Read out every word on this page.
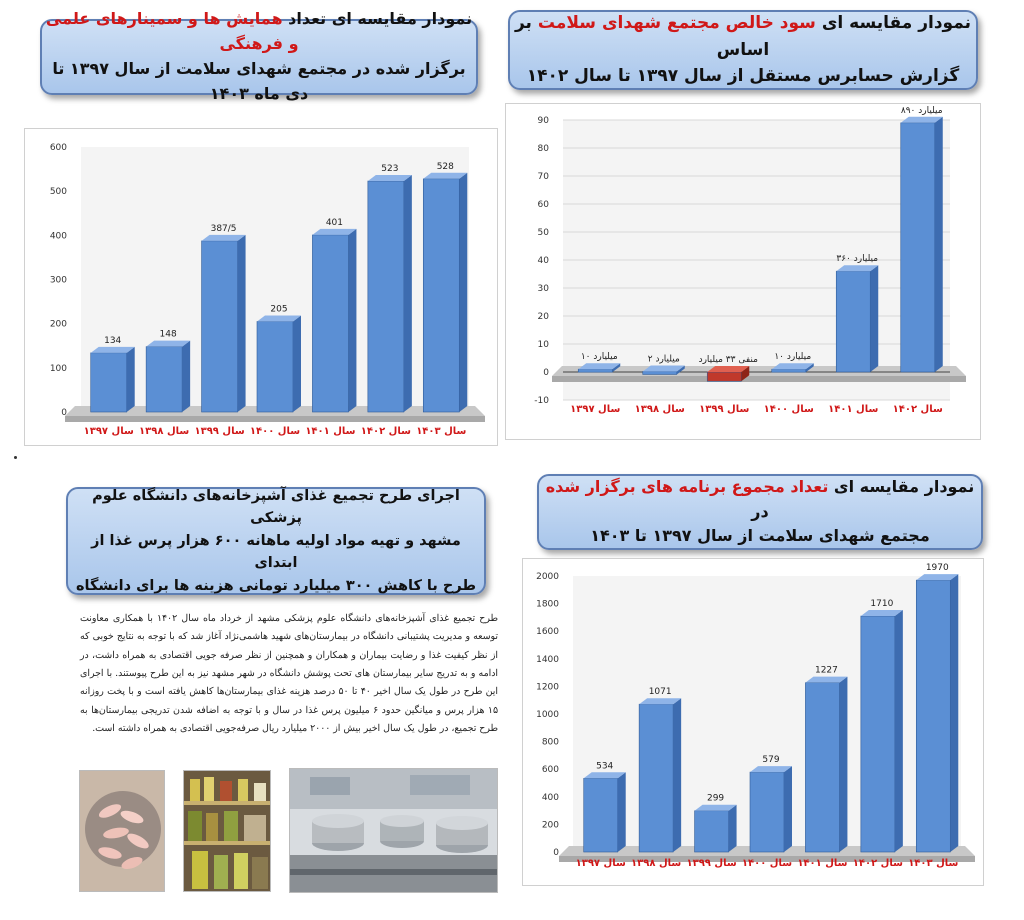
نمودار مقایسه ای تعداد همایش ها و سمینارهای علمی و فرهنگی
برگزار شده در مجتمع شهدای سلامت از سال ۱۳۹۷ تا دی ماه ۱۴۰۳
نمودار مقایسه ای سود خالص مجتمع شهدای سلامت بر اساس
گزارش حسابرس مستقل از سال ۱۳۹۷ تا سال ۱۴۰۲
0
100
200
300
400
500
600
134
سال ۱۳۹۷
148
سال ۱۳۹۸
387/5
سال ۱۳۹۹
205
سال ۱۴۰۰
401
سال ۱۴۰۱
523
سال ۱۴۰۲
528
سال ۱۴۰۳
-10
0
10
20
30
40
50
60
70
80
90
۱۰ میلیارد
سال ۱۳۹۷
۲ میلیارد
سال ۱۳۹۸
منفی ۳۳ میلیارد
سال ۱۳۹۹
۱۰ میلیارد
سال ۱۴۰۰
۳۶۰ میلیارد
سال ۱۴۰۱
۸۹۰ میلیارد
سال ۱۴۰۲
نمودار مقایسه ای تعداد مجموع برنامه های برگزار شده در
مجتمع شهدای سلامت از سال ۱۳۹۷ تا ۱۴۰۳
0
200
400
600
800
1000
1200
1400
1600
1800
2000
534
سال ۱۳۹۷
1071
سال ۱۳۹۸
299
سال ۱۳۹۹
579
سال ۱۴۰۰
1227
سال ۱۴۰۱
1710
سال ۱۴۰۲
1970
سال ۱۴۰۳
اجرای طرح تجمیع غذای آشپزخانه‌های دانشگاه علوم پزشکی
مشهد و تهیه مواد اولیه ماهانه ۶۰۰ هزار پرس غذا از ابتدای
طرح با کاهش ۳۰۰ میلیارد تومانی هزینه ها برای دانشگاه
طرح تجمیع غذای آشپزخانه‌های دانشگاه علوم پزشکی مشهد از خرداد ماه سال ۱۴۰۲ با همکاری معاونت توسعه و مدیریت پشتیبانی دانشگاه در بیمارستان‌های شهید هاشمی‌نژاد آغاز شد که با توجه به نتایج خوبی که از نظر کیفیت غذا و رضایت بیماران و همکاران و همچنین از نظر صرفه جویی اقتصادی به همراه داشت، در ادامه و به تدریج سایر بیمارستان های تحت پوشش دانشگاه در شهر مشهد نیز به این طرح پیوستند. با اجرای این طرح در طول یک سال اخیر ۴۰ تا ۵۰ درصد هزینه غذای بیمارستان‌ها کاهش یافته است و با پخت روزانه ۱۵ هزار پرس و میانگین حدود ۶ میلیون پرس غذا در سال و با توجه به اضافه شدن تدریجی بیمارستان‌ها به طرح تجمیع، در طول یک سال اخیر بیش از ۲۰۰۰ میلیارد ریال صرفه‌جویی اقتصادی به همراه داشته است.
